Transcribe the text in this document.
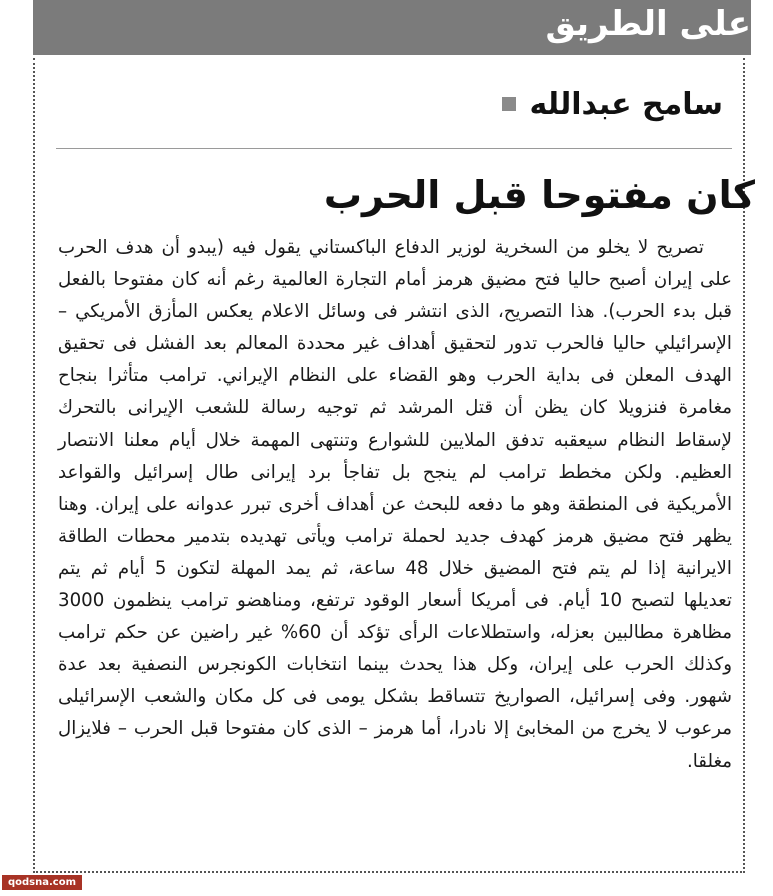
على الطريق
سامح عبدالله
كان مفتوحا قبل الحرب

تصريح لا يخلو من السخرية لوزير الدفاع الباكستاني يقول فيه (يبدو أن هدف الحرب على إيران أصبح حاليا فتح مضيق هرمز أمام التجارة العالمية رغم أنه كان مفتوحا بالفعل قبل بدء الحرب). هذا التصريح، الذى انتشر فى وسائل الاعلام يعكس المأزق الأمريكي – الإسرائيلي حاليا فالحرب تدور لتحقيق أهداف غير محددة المعالم بعد الفشل فى تحقيق الهدف المعلن فى بداية الحرب وهو القضاء على النظام الإيراني. ترامب متأثرا بنجاح مغامرة فنزويلا كان يظن أن قتل المرشد ثم توجيه رسالة للشعب الإيرانى بالتحرك لإسقاط النظام سيعقبه تدفق الملايين للشوارع وتنتهى المهمة خلال أيام معلنا الانتصار العظيم. ولكن مخطط ترامب لم ينجح بل تفاجأ برد إيرانى طال إسرائيل والقواعد الأمريكية فى المنطقة وهو ما دفعه للبحث عن أهداف أخرى تبرر عدوانه على إيران. وهنا يظهر فتح مضيق هرمز كهدف جديد لحملة ترامب ويأتى تهديده بتدمير محطات الطاقة الايرانية إذا لم يتم فتح المضيق خلال 48 ساعة، ثم يمد المهلة لتكون 5 أيام ثم يتم تعديلها لتصبح 10 أيام. فى أمريكا أسعار الوقود ترتفع، ومناهضو ترامب ينظمون 3000 مظاهرة مطالبين بعزله، واستطلاعات الرأى تؤكد أن 60% غير راضين عن حكم ترامب وكذلك الحرب على إيران، وكل هذا يحدث بينما انتخابات الكونجرس النصفية بعد عدة شهور. وفى إسرائيل، الصواريخ تتساقط بشكل يومى فى كل مكان والشعب الإسرائيلى مرعوب لا يخرج من المخابئ إلا نادرا، أما هرمز – الذى كان مفتوحا قبل الحرب – فلايزال مغلقا.

qodsna.com
